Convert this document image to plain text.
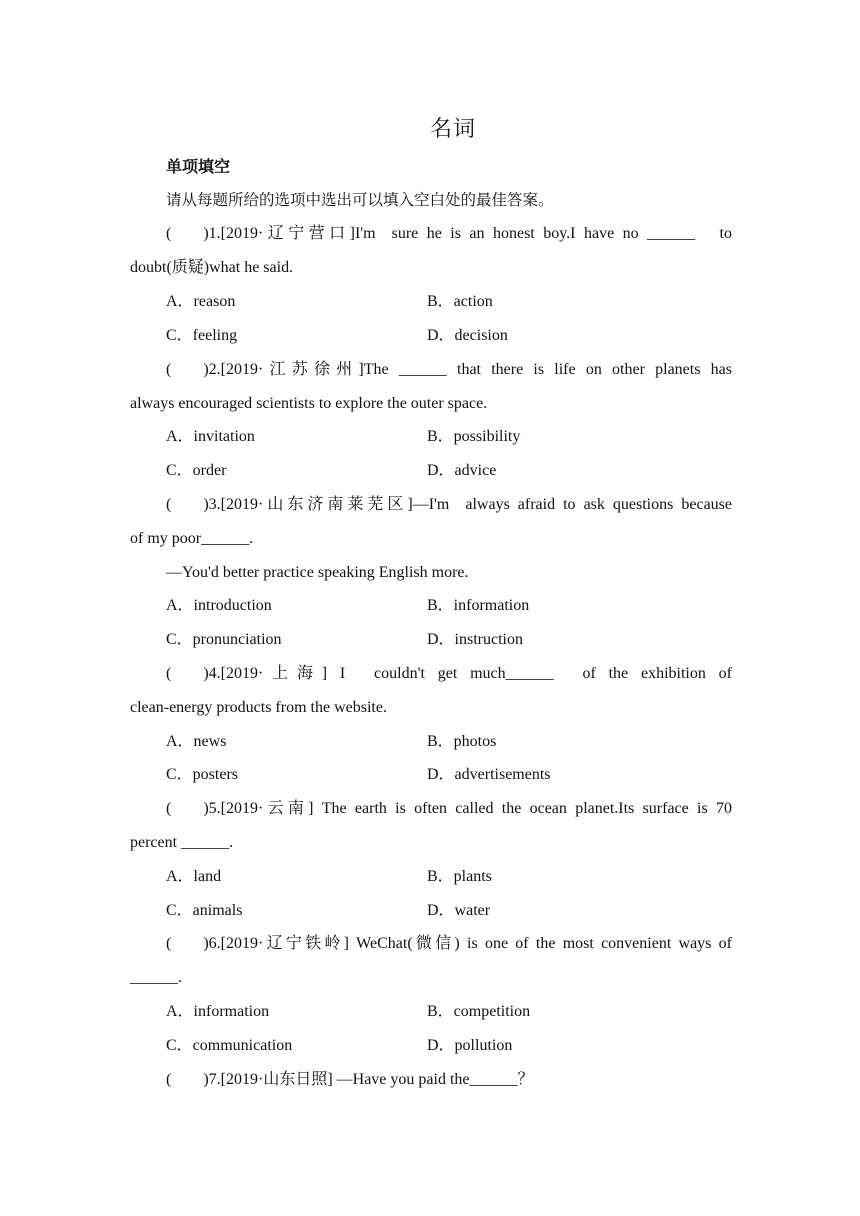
名词
单项填空
请从每题所给的选项中选出可以填入空白处的最佳答案。
(  )1.[2019·辽宁营口]I'm sure he is an honest boy.I have no ______  to
doubt(质疑)what he said.
A．reason	B．action
C．feeling	D．decision
(  )2.[2019·江苏徐州]The ______ that there is life on other planets has
always encouraged scientists to explore the outer space.
A．invitation	B．possibility
C．order	D．advice
(  )3.[2019·山东济南莱芜区]—I'm always afraid to ask questions because
of my poor______.
—You'd better practice speaking English more.
A．introduction	B．information
C．pronunciation	D．instruction
(  )4.[2019·上海] I  couldn't get much______  of the exhibition of
clean-energy products from the website.
A．news	B．photos
C．posters	D．advertisements
(  )5.[2019·云南] The earth is often called the ocean planet.Its surface is 70
percent ______.
A．land	B．plants
C．animals	D．water
(  )6.[2019·辽宁铁岭] WeChat(微信) is one of the most convenient ways of
______.
A．information	B．competition
C．communication	D．pollution
(  )7.[2019·山东日照] —Have you paid the______？
